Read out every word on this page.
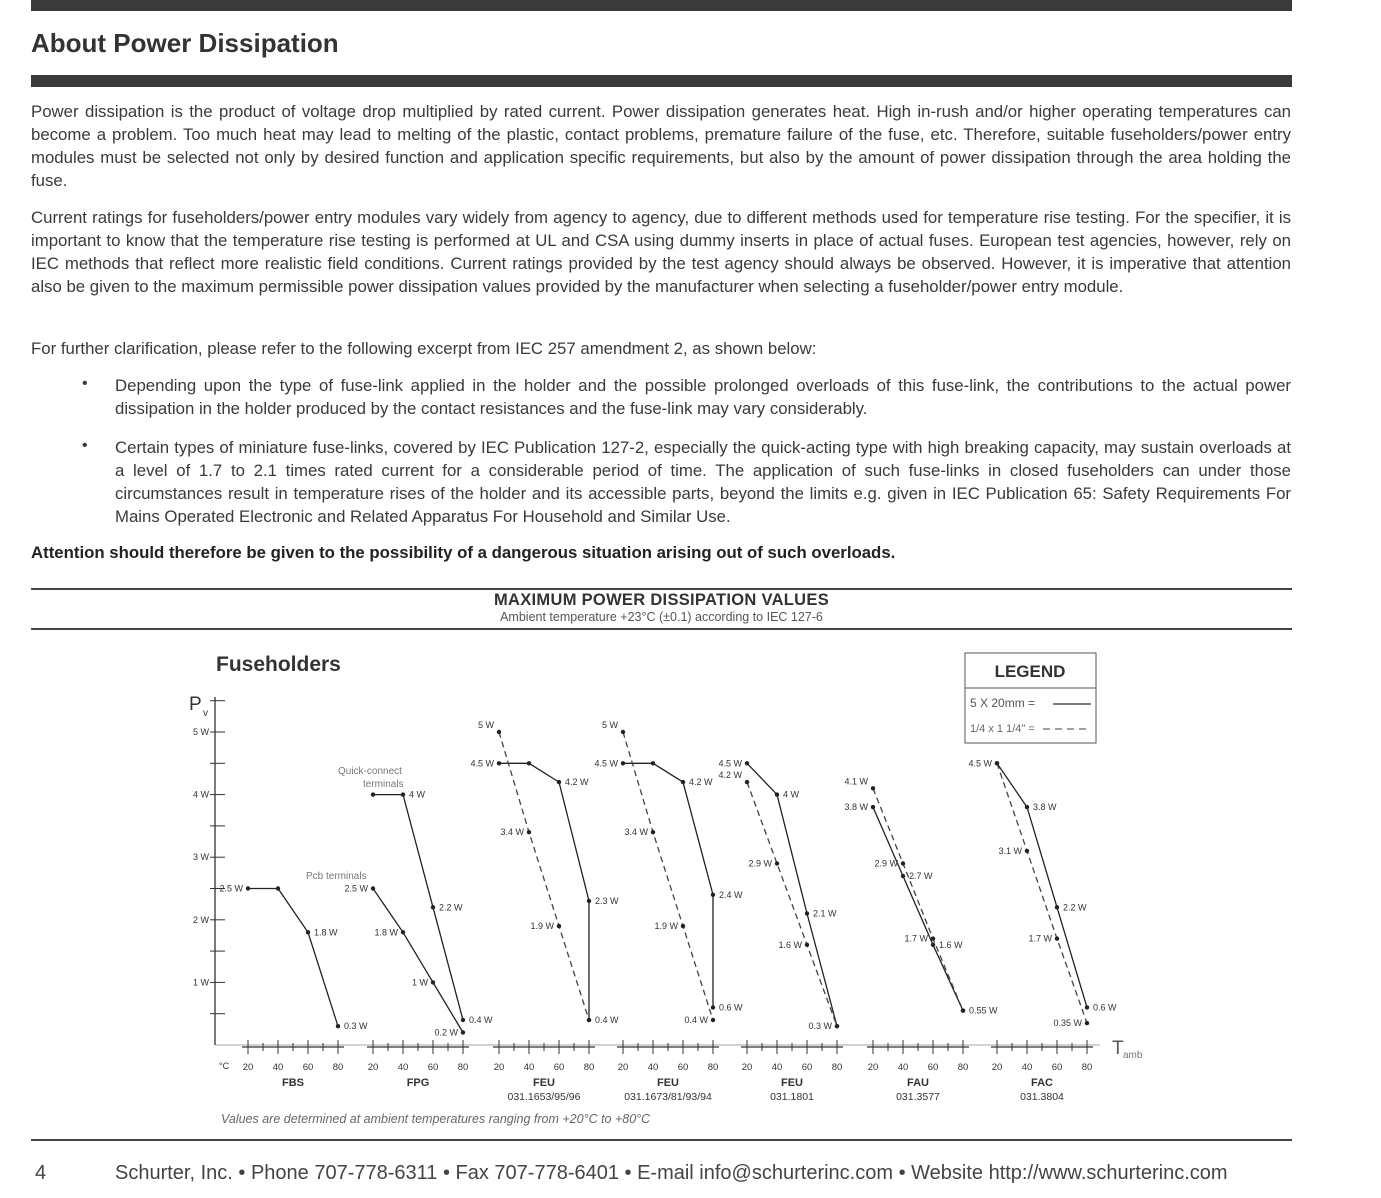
About Power Dissipation

Power dissipation is the product of voltage drop multiplied by rated current. Power dissipation generates heat. High in-rush and/or higher operating temperatures can become a problem. Too much heat may lead to melting of the plastic, contact problems, premature failure of the fuse, etc. Therefore, suitable fuseholders/power entry modules must be selected not only by desired function and application specific requirements, but also by the amount of power dissipation through the area holding the fuse.

Current ratings for fuseholders/power entry modules vary widely from agency to agency, due to different methods used for temperature rise testing. For the specifier, it is important to know that the temperature rise testing is performed at UL and CSA using dummy inserts in place of actual fuses. European test agencies, however, rely on IEC methods that reflect more realistic field conditions. Current ratings provided by the test agency should always be observed. However, it is imperative that attention also be given to the maximum permissible power dissipation values provided by the manufacturer when selecting a fuseholder/power entry module.

For further clarification, please refer to the following excerpt from IEC 257 amendment 2, as shown below:

• Depending upon the type of fuse-link applied in the holder and the possible prolonged overloads of this fuse-link, the contributions to the actual power dissipation in the holder produced by the contact resistances and the fuse-link may vary considerably.

• Certain types of miniature fuse-links, covered by IEC Publication 127-2, especially the quick-acting type with high breaking capacity, may sustain overloads at a level of 1.7 to 2.1 times rated current for a considerable period of time. The application of such fuse-links in closed fuseholders can under those circumstances result in temperature rises of the holder and its accessible parts, beyond the limits e.g. given in IEC Publication 65: Safety Requirements For Mains Operated Electronic and Related Apparatus For Household and Similar Use.

Attention should therefore be given to the possibility of a dangerous situation arising out of such overloads.
MAXIMUM POWER DISSIPATION VALUES
Ambient temperature +23°C (±0.1) according to IEC 127-6
Fuseholders
P v
T amb
°C
LEGEND
5 X 20mm =
1/4 x 1 1/4" =
Quick-connect
terminals
Pcb terminals
Values are determined at ambient temperatures ranging from +20°C to +80°C
1 W
2 W
3 W
4 W
5 W
20 40 60 80
FBS
20 40 60 80
FPG
20 40 60 80
FEU
031.1653/95/96
20 40 60 80
FEU
031.1673/81/93/94
20 40 60 80
FEU
031.1801
20 40 60 80
FAU
031.3577
20 40 60 80
FAC
031.3804
2.5 W
1.8 W
0.3 W
4 W
2.2 W
0.4 W
2.5 W
1.8 W
1 W
0.2 W
4.5 W
4.2 W
2.3 W
0.4 W
5 W
3.4 W
1.9 W
4.5 W
4.2 W
2.4 W
0.6 W
5 W
3.4 W
1.9 W
0.4 W
4.5 W
4 W
2.1 W
4.2 W
2.9 W
1.6 W
0.3 W
3.8 W
2.7 W
1.6 W
0.55 W
4.1 W
2.9 W
1.7 W
4.5 W
3.8 W
2.2 W
0.6 W
3.1 W
1.7 W
0.35 W
4	Schurter, Inc. • Phone 707-778-6311 • Fax 707-778-6401 • E-mail info@schurterinc.com • Website http://www.schurterinc.com
